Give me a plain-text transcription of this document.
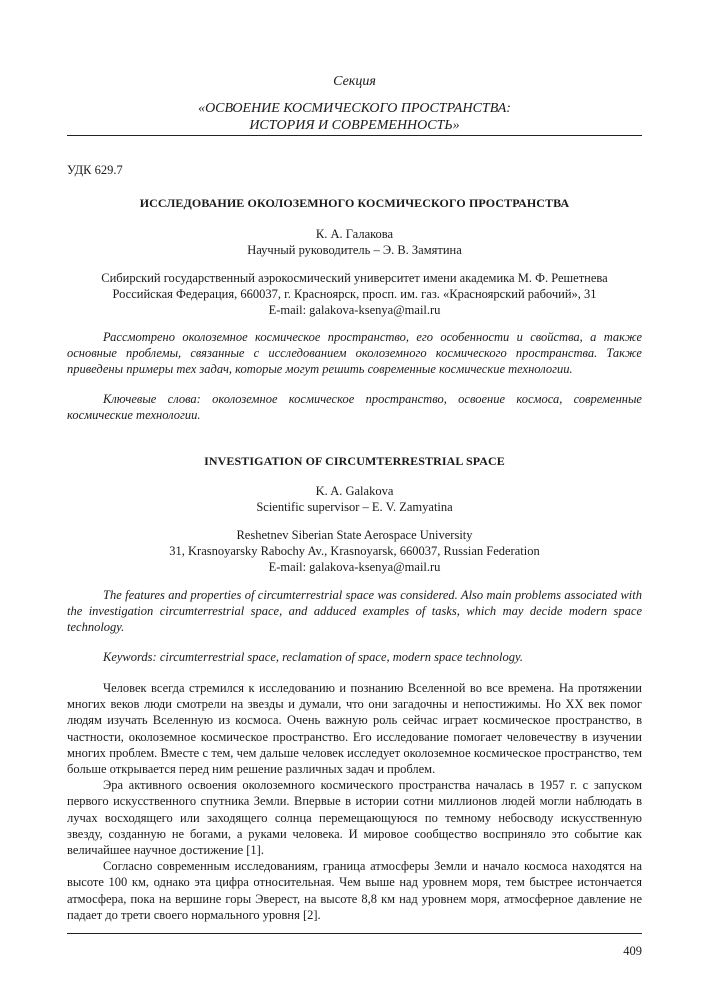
Секция
«ОСВОЕНИЕ КОСМИЧЕСКОГО ПРОСТРАНСТВА:
ИСТОРИЯ И СОВРЕМЕННОСТЬ»
УДК 629.7
ИССЛЕДОВАНИЕ ОКОЛОЗЕМНОГО КОСМИЧЕСКОГО ПРОСТРАНСТВА
К. А. Галакова
Научный руководитель – Э. В. Замятина
Сибирский государственный аэрокосмический университет имени академика М. Ф. Решетнева
Российская Федерация, 660037, г. Красноярск, просп. им. газ. «Красноярский рабочий», 31
E-mail: galakova-ksenya@mail.ru

Рассмотрено околоземное космическое пространство, его особенности и свойства, а также основные проблемы, связанные с исследованием околоземного космического пространства. Также приведены примеры тех задач, которые могут решить современные космические технологии.

Ключевые слова: околоземное космическое пространство, освоение космоса, современные космические технологии.

INVESTIGATION OF CIRCUMTERRESTRIAL SPACE
K. A. Galakova
Scientific supervisor – E. V. Zamyatina
Reshetnev Siberian State Aerospace University
31, Krasnoyarsky Rabochy Av., Krasnoyarsk, 660037, Russian Federation
E-mail: galakova-ksenya@mail.ru

The features and properties of circumterrestrial space was considered. Also main problems associated with the investigation circumterrestrial space, and adduced examples of tasks, which may decide modern space technology.

Keywords: circumterrestrial space, reclamation of space, modern space technology.

Человек всегда стремился к исследованию и познанию Вселенной во все времена. На протяжении многих веков люди смотрели на звезды и думали, что они загадочны и непостижимы. Но XX век помог людям изучать Вселенную из космоса. Очень важную роль сейчас играет космическое пространство, в частности, околоземное космическое пространство. Его исследование помогает человечеству в изучении многих проблем. Вместе с тем, чем дальше человек исследует околоземное космическое пространство, тем больше открывается перед ним решение различных задач и проблем.

Эра активного освоения околоземного космического пространства началась в 1957 г. с запуском первого искусственного спутника Земли. Впервые в истории сотни миллионов людей могли наблюдать в лучах восходящего или заходящего солнца перемещающуюся по темному небосводу искусственную звезду, созданную не богами, а руками человека. И мировое сообщество восприняло это событие как величайшее научное достижение [1].

Согласно современным исследованиям, граница атмосферы Земли и начало космоса находятся на высоте 100 км, однако эта цифра относительная. Чем выше над уровнем моря, тем быстрее истончается атмосфера, пока на вершине горы Эверест, на высоте 8,8 км над уровнем моря, атмосферное давление не падает до трети своего нормального уровня [2].

409
